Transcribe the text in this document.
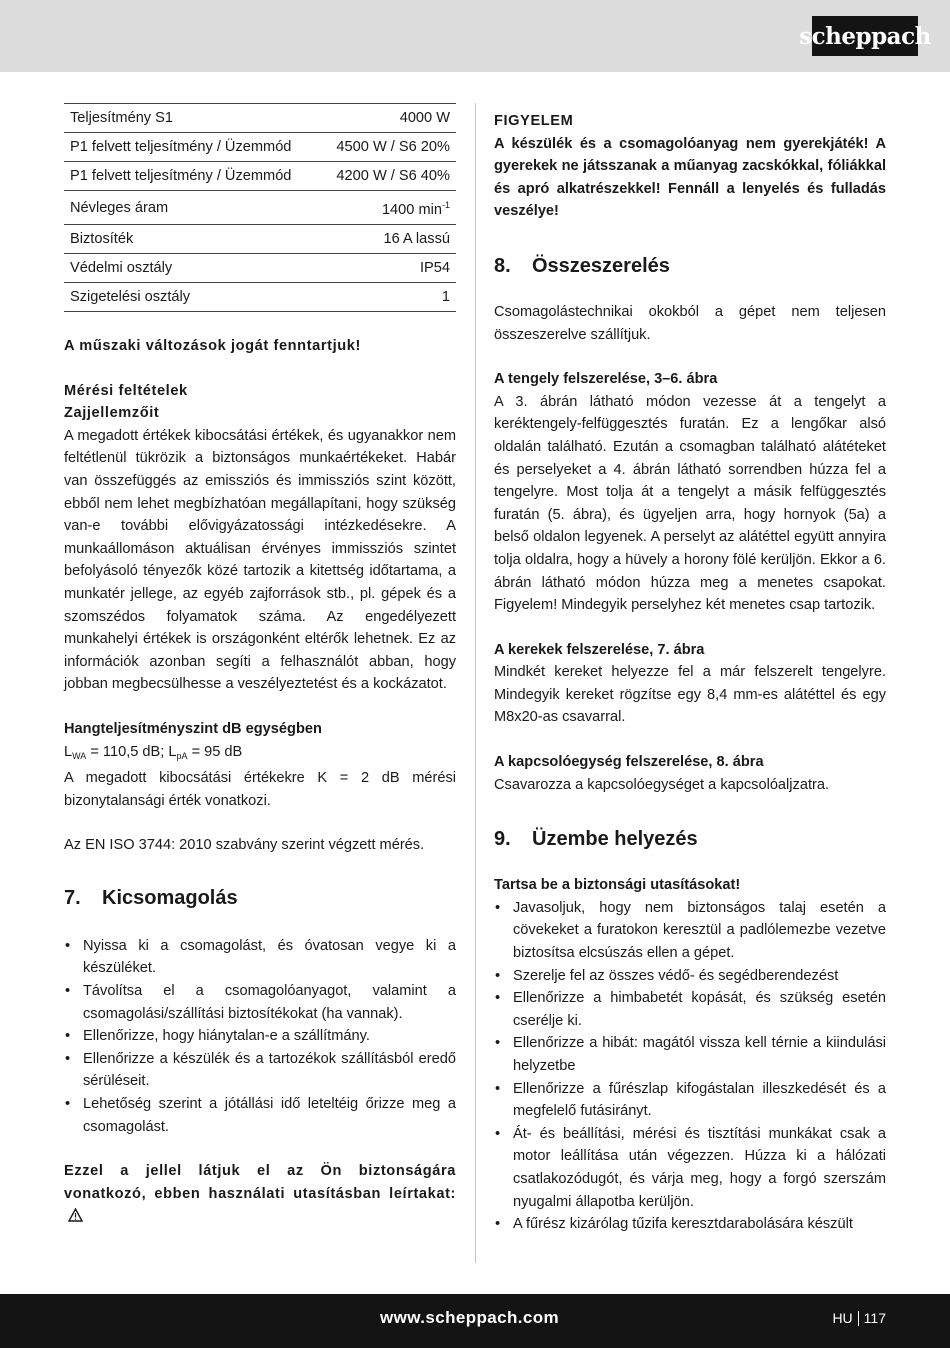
scheppach
Teljesítmény S1	4000 W
P1 felvett teljesítmény / Üzemmód	4500 W / S6 20%
P1 felvett teljesítmény / Üzemmód	4200 W / S6 40%
Névleges áram	1400 $\min^{-1}$
Biztosíték	16 A lassú
Védelmi osztály	IP54
Szigetelési osztály	1

A műszaki változások jogát fenntartjuk!

Mérési feltételek

Zajjellemzőit

A megadott értékek kibocsátási értékek, és ugyanakkor nem feltétlenül tükrözik a biztonságos munkaértékeket. Habár van összefüggés az emissziós és immissziós szint között, ebből nem lehet megbízhatóan megállapítani, hogy szükség van-e további elővigyázatossági intézkedésekre. A munkaállomáson aktuálisan érvényes immissziós szintet befolyásoló tényezők közé tartozik a kitettség időtartama, a munkatér jellege, az egyéb zajforrások stb., pl. gépek és a szomszédos folyamatok száma. Az engedélyezett munkahelyi értékek is országonként eltérők lehetnek. Ez az információk azonban segíti a felhasználót abban, hogy jobban megbecsülhesse a veszélyeztetést és a kockázatot.

Hangteljesítményszint dB egységben

$L_{WA} = 110,5$ dB; $L_{pA} = 95$ dB

A megadott kibocsátási értékekre K = 2 dB mérési bizonytalansági érték vonatkozi.

Az EN ISO 3744: 2010 szabvány szerint végzett mérés.

7.	Kicsomagolás
• Nyissa ki a csomagolást, és óvatosan vegye ki a készüléket.
• Távolítsa el a csomagolóanyagot, valamint a csomagolási/szállítási biztosítékokat (ha vannak).
• Ellenőrizze, hogy hiánytalan-e a szállítmány.
• Ellenőrizze a készülék és a tartozékok szállításból eredő sérüléseit.
• Lehetőség szerint a jótállási idő leteltéig őrizze meg a csomagolást.

Ezzel a jellel látjuk el az Ön biztonságára vonatkozó, ebben használati utasításban leírtakat:

FIGYELEM

A készülék és a csomagolóanyag nem gyerekjáték! A gyerekek ne játsszanak a műanyag zacskókkal, fóliákkal és apró alkatrészekkel! Fennáll a lenyelés és fulladás veszélye!

8.	Összeszerelés

Csomagolástechnikai okokból a gépet nem teljesen összeszerelve szállítjuk.

A tengely felszerelése, 3–6. ábra

A 3. ábrán látható módon vezesse át a tengelyt a keréktengely-felfüggesztés furatán. Ez a lengőkar alsó oldalán található. Ezután a csomagban található alátéteket és perselyeket a 4. ábrán látható sorrendben húzza fel a tengelyre. Most tolja át a tengelyt a másik felfüggesztés furatán (5. ábra), és ügyeljen arra, hogy hornyok (5a) a belső oldalon legyenek. A perselyt az alátéttel együtt annyira tolja oldalra, hogy a hüvely a horony fölé kerüljön. Ekkor a 6. ábrán látható módon húzza meg a menetes csapokat. Figyelem! Mindegyik perselyhez két menetes csap tartozik.

A kerekek felszerelése, 7. ábra

Mindkét kereket helyezze fel a már felszerelt tengelyre. Mindegyik kereket rögzítse egy 8,4 mm-es alátéttel és egy M8x20-as csavarral.

A kapcsolóegység felszerelése, 8. ábra

Csavarozza a kapcsolóegységet a kapcsolóaljzatra.

9.	Üzembe helyezés

Tartsa be a biztonsági utasításokat!

• Javasoljuk, hogy nem biztonságos talaj esetén a cövekeket a furatokon keresztül a padlólemezbe vezetve biztosítsa elcsúszás ellen a gépet.
• Szerelje fel az összes védő- és segédberendezést
• Ellenőrizze a himbabetét kopását, és szükség esetén cserélje ki.
• Ellenőrizze a hibát: magától vissza kell térnie a kiindulási helyzetbe
• Ellenőrizze a fűrészlap kifogástalan illeszkedését és a megfelelő futásirányt.
• Át- és beállítási, mérési és tisztítási munkákat csak a motor leállítása után végezzen. Húzza ki a hálózati csatlakozódugót, és várja meg, hogy a forgó szerszám nyugalmi állapotba kerüljön.
• A fűrész kizárólag tűzifa keresztdarabolására készült
www.scheppach.com	HU 117
